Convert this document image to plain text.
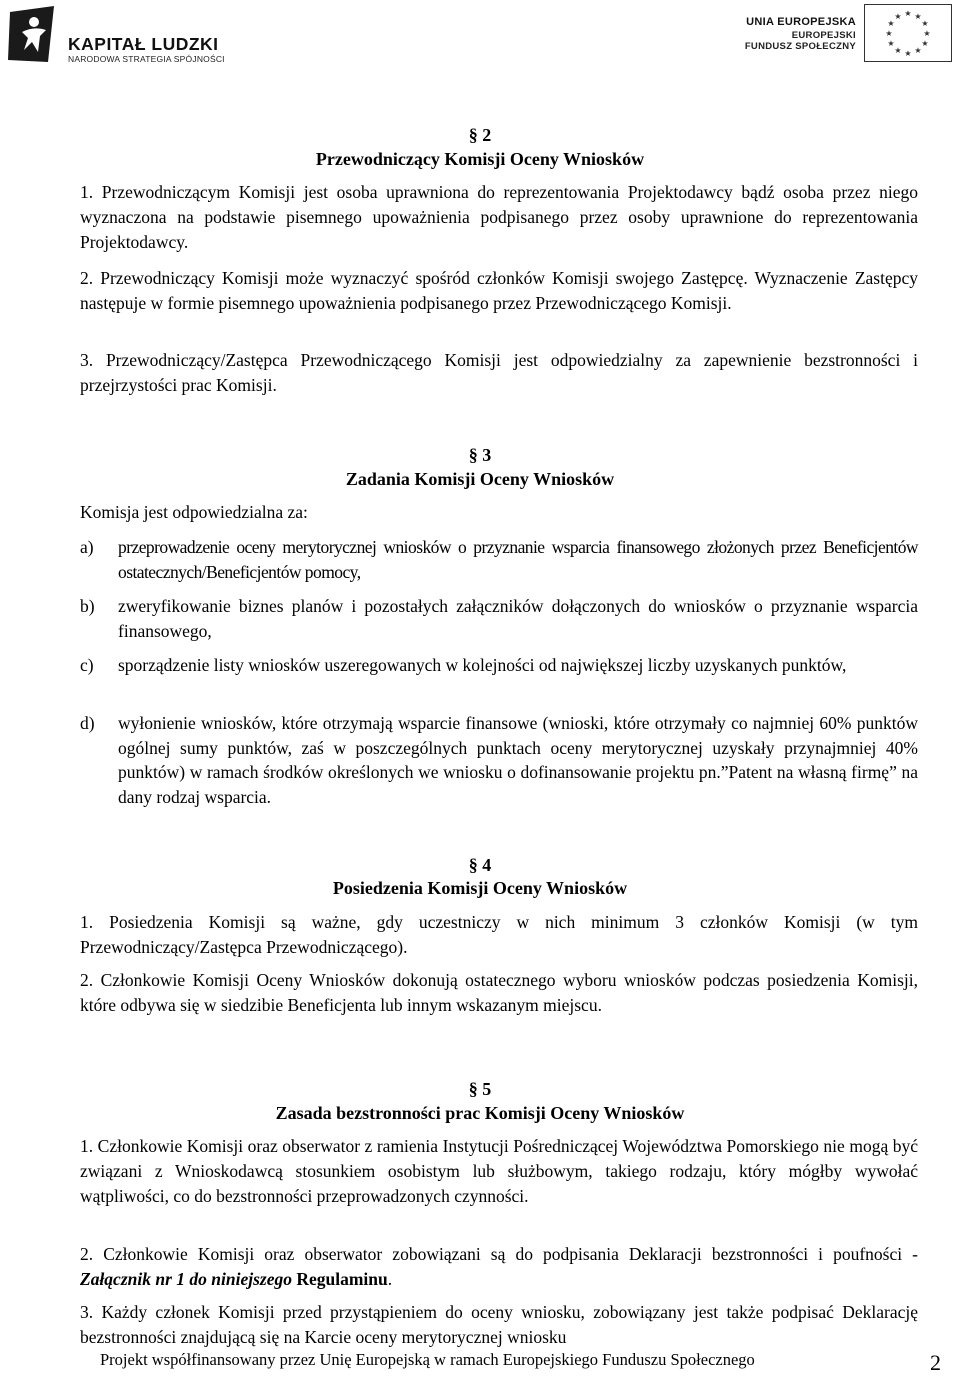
KAPITAŁ LUDZKI
NARODOWA STRATEGIA SPÓJNOŚCI
UNIA EUROPEJSKA
EUROPEJSKI
FUNDUSZ SPOŁECZNY
★ ★
★
★
★
★
★
★
★
★
★
★
§ 2
Przewodniczący Komisji Oceny Wniosków
1. Przewodniczącym Komisji jest osoba uprawniona do reprezentowania Projektodawcy bądź osoba przez niego wyznaczona na podstawie pisemnego upoważnienia podpisanego przez osoby uprawnione do reprezentowania Projektodawcy.
2. Przewodniczący Komisji może wyznaczyć spośród członków Komisji swojego Zastępcę. Wyznaczenie Zastępcy następuje w formie pisemnego upoważnienia podpisanego przez Przewodniczącego Komisji.
3. Przewodniczący/Zastępca Przewodniczącego Komisji jest odpowiedzialny za zapewnienie bezstronności i przejrzystości prac Komisji.
§ 3
Zadania Komisji Oceny Wniosków
Komisja jest odpowiedzialna za:
a) przeprowadzenie oceny merytorycznej wniosków o przyznanie wsparcia finansowego złożonych przez Beneficjentów ostatecznych/Beneficjentów pomocy,
b) zweryfikowanie biznes planów i pozostałych załączników dołączonych do wniosków o przyznanie wsparcia finansowego,
c) sporządzenie listy wniosków uszeregowanych w kolejności od największej liczby uzyskanych punktów,
d) wyłonienie wniosków, które otrzymają wsparcie finansowe (wnioski, które otrzymały co najmniej 60% punktów ogólnej sumy punktów, zaś w poszczególnych punktach oceny merytorycznej uzyskały przynajmniej 40% punktów) w ramach środków określonych we wniosku o dofinansowanie projektu pn.”Patent na własną firmę” na dany rodzaj wsparcia.
§ 4
Posiedzenia Komisji Oceny Wniosków
1. Posiedzenia Komisji są ważne, gdy uczestniczy w nich minimum 3 członków Komisji (w tym Przewodniczący/Zastępca Przewodniczącego).
2. Członkowie Komisji Oceny Wniosków dokonują ostatecznego wyboru wniosków podczas posiedzenia Komisji, które odbywa się w siedzibie Beneficjenta lub innym wskazanym miejscu.
§ 5
Zasada bezstronności prac Komisji Oceny Wniosków
1. Członkowie Komisji oraz obserwator z ramienia Instytucji Pośredniczącej Województwa Pomorskiego nie mogą być związani z Wnioskodawcą stosunkiem osobistym lub służbowym, takiego rodzaju, który mógłby wywołać wątpliwości, co do bezstronności przeprowadzonych czynności.
2. Członkowie Komisji oraz obserwator zobowiązani są do podpisania Deklaracji bezstronności i poufności - Załącznik nr 1 do niniejszego Regulaminu.
3. Każdy członek Komisji przed przystąpieniem do oceny wniosku, zobowiązany jest także podpisać Deklarację bezstronności znajdującą się na Karcie oceny merytorycznej wniosku
Projekt współfinansowany przez Unię Europejską w ramach Europejskiego Funduszu Społecznego	2
